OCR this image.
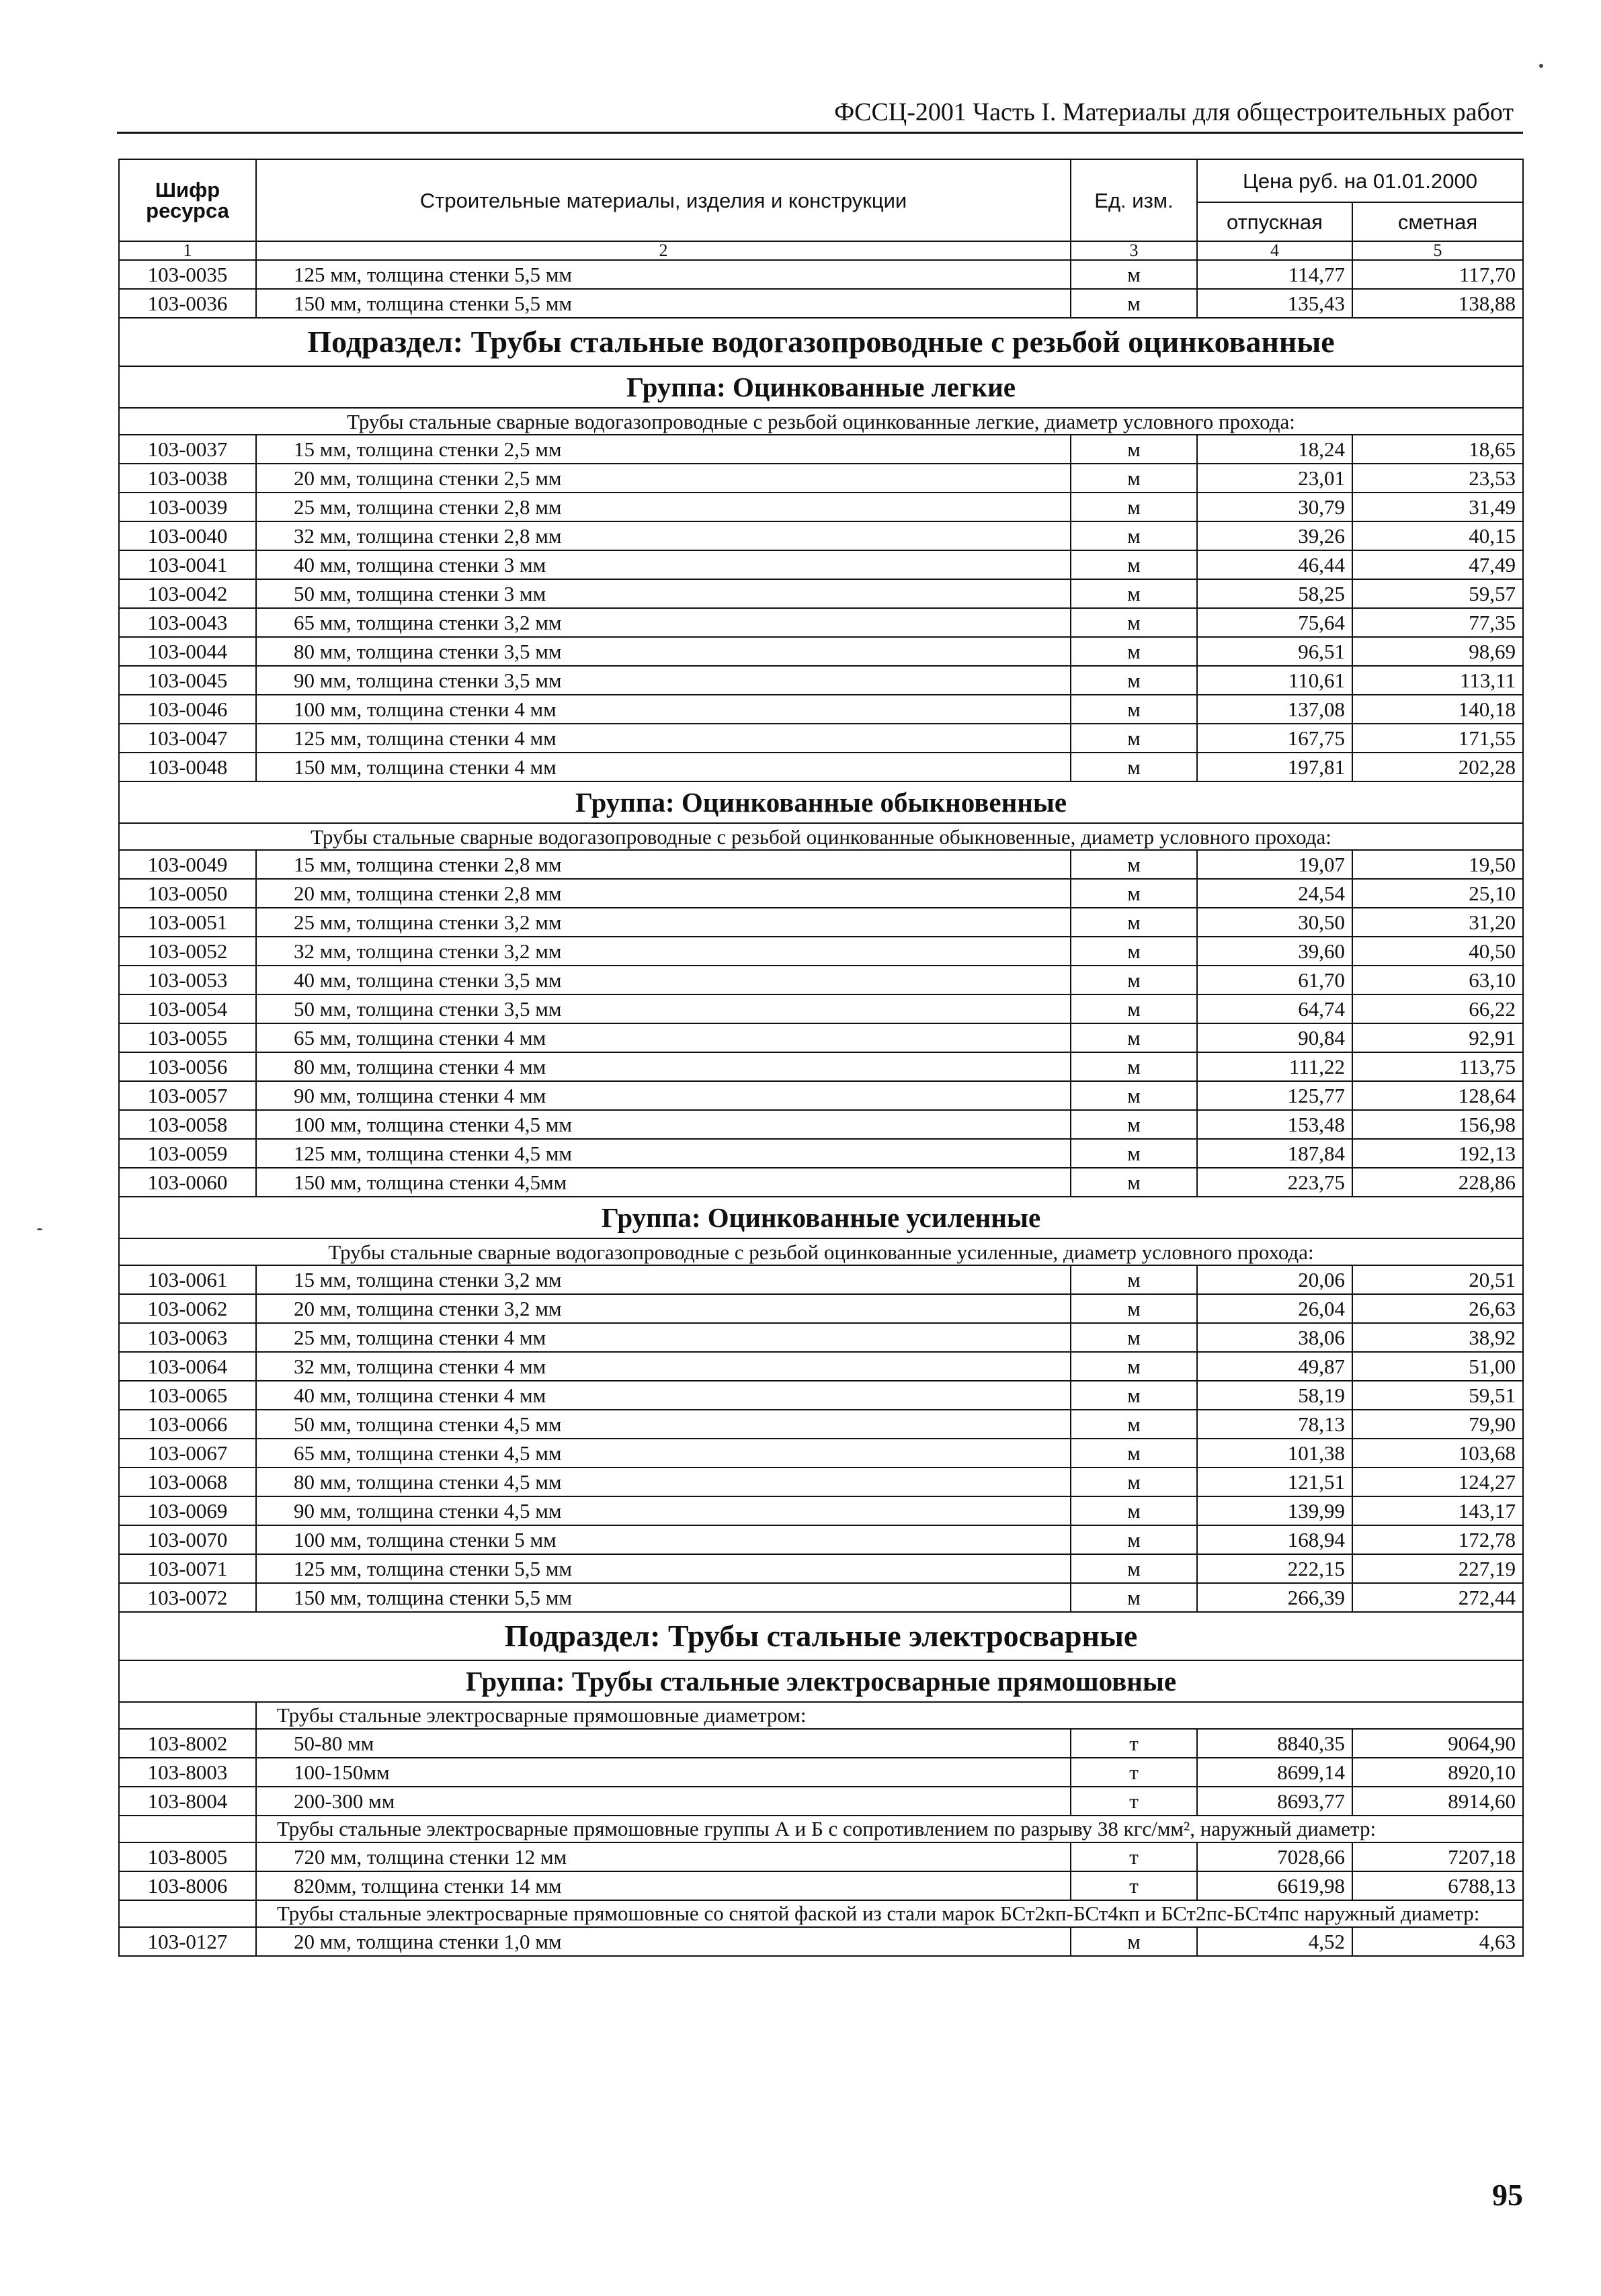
ФССЦ-2001 Часть I. Материалы для общестроительных работ
Шифр ресурса	Строительные материалы, изделия и конструкции	Ед. изм.	Цена руб. на 01.01.2000	
			отпускная	сметная
1	2	3	4	5
103-0035	125 мм, толщина стенки 5,5 мм	м	114,77	117,70
103-0036	150 мм, толщина стенки 5,5 мм	м	135,43	138,88
Подраздел: Трубы стальные водогазопроводные с резьбой оцинкованные				
Группа: Оцинкованные легкие				
Трубы стальные сварные водогазопроводные с резьбой оцинкованные легкие, диаметр условного прохода:				
103-0037	15 мм, толщина стенки 2,5 мм	м	18,24	18,65
103-0038	20 мм, толщина стенки 2,5 мм	м	23,01	23,53
103-0039	25 мм, толщина стенки 2,8 мм	м	30,79	31,49
103-0040	32 мм, толщина стенки 2,8 мм	м	39,26	40,15
103-0041	40 мм, толщина стенки 3 мм	м	46,44	47,49
103-0042	50 мм, толщина стенки 3 мм	м	58,25	59,57
103-0043	65 мм, толщина стенки 3,2 мм	м	75,64	77,35
103-0044	80 мм, толщина стенки 3,5 мм	м	96,51	98,69
103-0045	90 мм, толщина стенки 3,5 мм	м	110,61	113,11
103-0046	100 мм, толщина стенки 4 мм	м	137,08	140,18
103-0047	125 мм, толщина стенки 4 мм	м	167,75	171,55
103-0048	150 мм, толщина стенки 4 мм	м	197,81	202,28
Группа: Оцинкованные обыкновенные				
Трубы стальные сварные водогазопроводные с резьбой оцинкованные обыкновенные, диаметр условного прохода:				
103-0049	15 мм, толщина стенки 2,8 мм	м	19,07	19,50
103-0050	20 мм, толщина стенки 2,8 мм	м	24,54	25,10
103-0051	25 мм, толщина стенки 3,2 мм	м	30,50	31,20
103-0052	32 мм, толщина стенки 3,2 мм	м	39,60	40,50
103-0053	40 мм, толщина стенки 3,5 мм	м	61,70	63,10
103-0054	50 мм, толщина стенки 3,5 мм	м	64,74	66,22
103-0055	65 мм, толщина стенки 4 мм	м	90,84	92,91
103-0056	80 мм, толщина стенки 4 мм	м	111,22	113,75
103-0057	90 мм, толщина стенки 4 мм	м	125,77	128,64
103-0058	100 мм, толщина стенки 4,5 мм	м	153,48	156,98
103-0059	125 мм, толщина стенки 4,5 мм	м	187,84	192,13
103-0060	150 мм, толщина стенки 4,5мм	м	223,75	228,86
Группа: Оцинкованные усиленные				
Трубы стальные сварные водогазопроводные с резьбой оцинкованные усиленные, диаметр условного прохода:				
103-0061	15 мм, толщина стенки 3,2 мм	м	20,06	20,51
103-0062	20 мм, толщина стенки 3,2 мм	м	26,04	26,63
103-0063	25 мм, толщина стенки 4 мм	м	38,06	38,92
103-0064	32 мм, толщина стенки 4 мм	м	49,87	51,00
103-0065	40 мм, толщина стенки 4 мм	м	58,19	59,51
103-0066	50 мм, толщина стенки 4,5 мм	м	78,13	79,90
103-0067	65 мм, толщина стенки 4,5 мм	м	101,38	103,68
103-0068	80 мм, толщина стенки 4,5 мм	м	121,51	124,27
103-0069	90 мм, толщина стенки 4,5 мм	м	139,99	143,17
103-0070	100 мм, толщина стенки 5 мм	м	168,94	172,78
103-0071	125 мм, толщина стенки 5,5 мм	м	222,15	227,19
103-0072	150 мм, толщина стенки 5,5 мм	м	266,39	272,44
Подраздел: Трубы стальные электросварные				
Группа: Трубы стальные электросварные прямошовные				
	Трубы стальные электросварные прямошовные диаметром:			
103-8002	50-80 мм	т	8840,35	9064,90
103-8003	100-150мм	т	8699,14	8920,10
103-8004	200-300 мм	т	8693,77	8914,60
	Трубы стальные электросварные прямошовные группы А и Б с сопротивлением по разрыву 38 кгс/мм², наружный диаметр:			
103-8005	720 мм, толщина стенки 12 мм	т	7028,66	7207,18
103-8006	820мм, толщина стенки 14 мм	т	6619,98	6788,13
	Трубы стальные электросварные прямошовные со снятой фаской из стали марок БСт2кп-БСт4кп и БСт2пс-БСт4пс наружный диаметр:			
103-0127	20 мм, толщина стенки 1,0 мм	м	4,52	4,63
95
